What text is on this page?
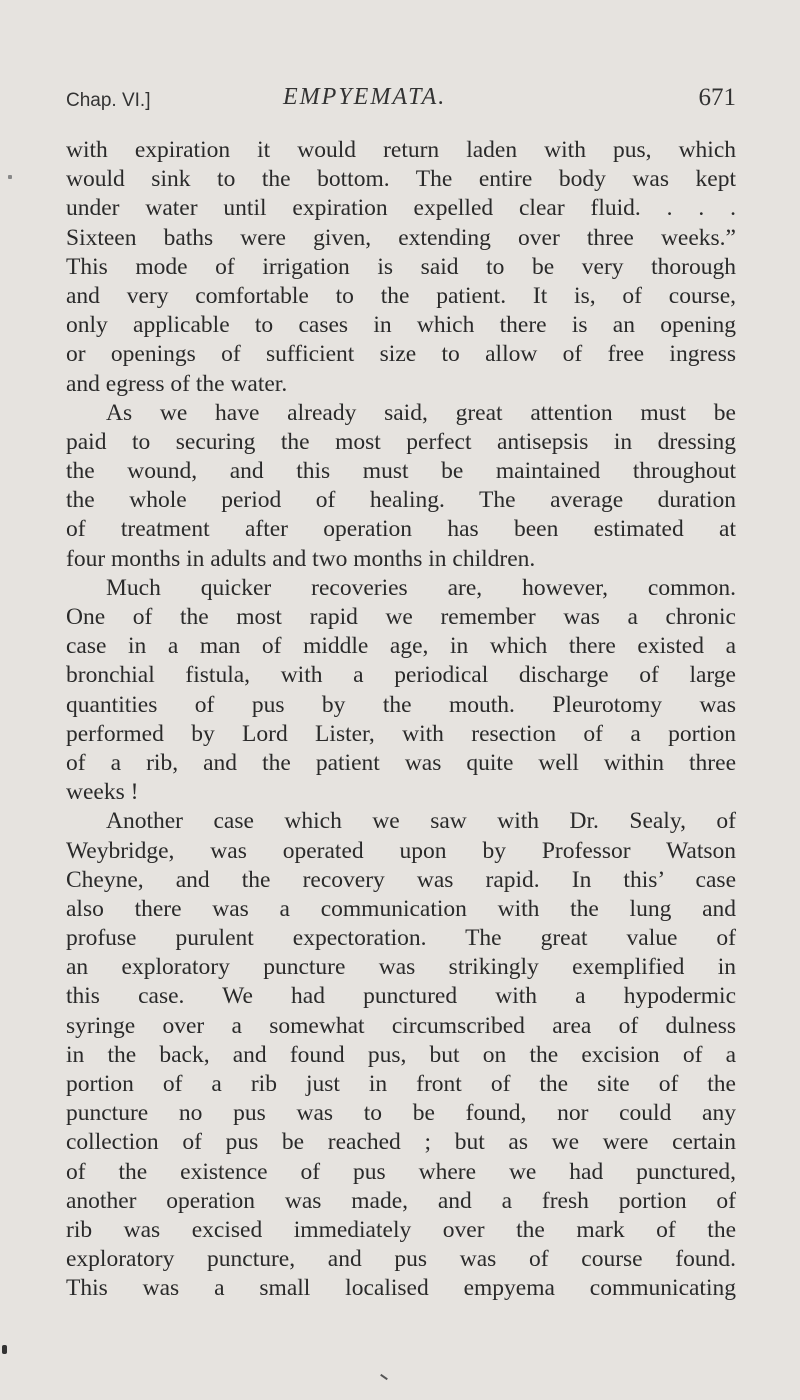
Chap. VI.]	EMPYEMATA.	671
with expiration it would return laden with pus, which
would sink to the bottom. The entire body was kept
under water until expiration expelled clear fluid. . . .
Sixteen baths were given, extending over three weeks.”
This mode of irrigation is said to be very thorough
and very comfortable to the patient. It is, of course,
only applicable to cases in which there is an opening
or openings of sufficient size to allow of free ingress
and egress of the water.
As we have already said, great attention must be
paid to securing the most perfect antisepsis in dressing
the wound, and this must be maintained throughout
the whole period of healing. The average duration
of treatment after operation has been estimated at
four months in adults and two months in children.
Much quicker recoveries are, however, common.
One of the most rapid we remember was a chronic
case in a man of middle age, in which there existed a
bronchial fistula, with a periodical discharge of large
quantities of pus by the mouth. Pleurotomy was
performed by Lord Lister, with resection of a portion
of a rib, and the patient was quite well within three
weeks !
Another case which we saw with Dr. Sealy, of
Weybridge, was operated upon by Professor Watson
Cheyne, and the recovery was rapid. In this’ case
also there was a communication with the lung and
profuse purulent expectoration. The great value of
an exploratory puncture was strikingly exemplified in
this case. We had punctured with a hypodermic
syringe over a somewhat circumscribed area of dulness
in the back, and found pus, but on the excision of a
portion of a rib just in front of the site of the
puncture no pus was to be found, nor could any
collection of pus be reached ; but as we were certain
of the existence of pus where we had punctured,
another operation was made, and a fresh portion of
rib was excised immediately over the mark of the
exploratory puncture, and pus was of course found.
This was a small localised empyema communicating
